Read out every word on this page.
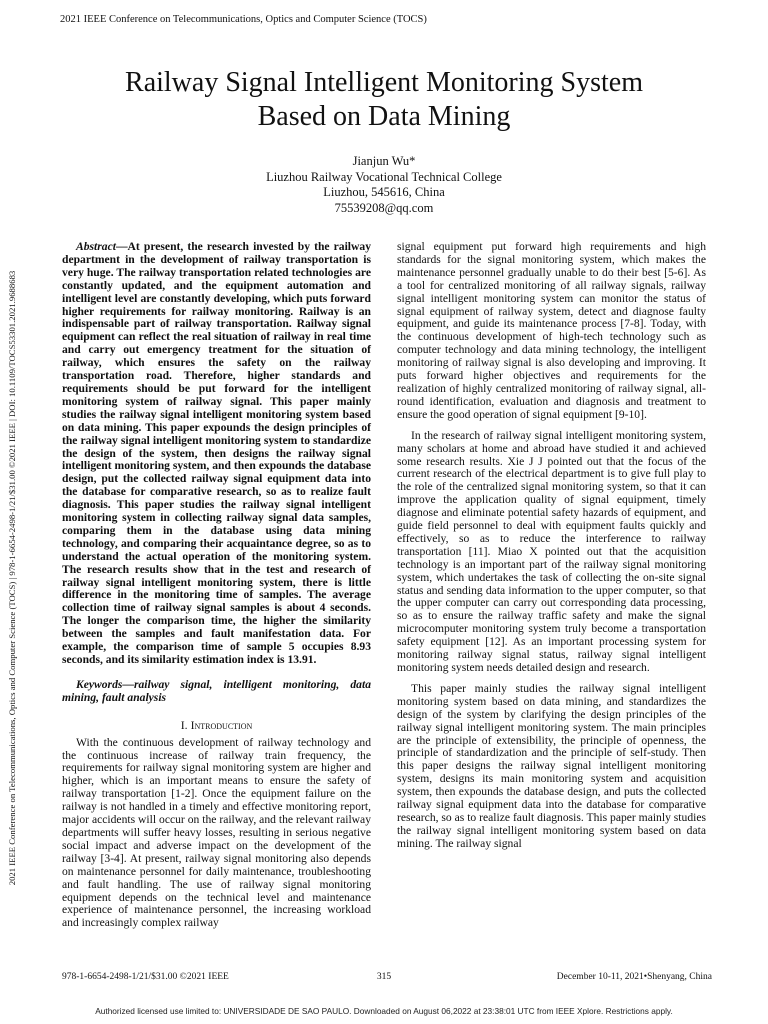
2021 IEEE Conference on Telecommunications, Optics and Computer Science (TOCS)
Railway Signal Intelligent Monitoring System
Based on Data Mining
Jianjun Wu*
Liuzhou Railway Vocational Technical College
Liuzhou, 545616, China
75539208@qq.com
2021 IEEE Conference on Telecommunications, Optics and Computer Science (TOCS) | 978-1-6654-2498-1/21/$31.00 ©2021 IEEE | DOI: 10.1109/TOCS53301.2021.9688683

Abstract—At present, the research invested by the railway department in the development of railway transportation is very huge. The railway transportation related technologies are constantly updated, and the equipment automation and intelligent level are constantly developing, which puts forward higher requirements for railway monitoring. Railway is an indispensable part of railway transportation. Railway signal equipment can reflect the real situation of railway in real time and carry out emergency treatment for the situation of railway, which ensures the safety on the railway transportation road. Therefore, higher standards and requirements should be put forward for the intelligent monitoring system of railway signal. This paper mainly studies the railway signal intelligent monitoring system based on data mining. This paper expounds the design principles of the railway signal intelligent monitoring system to standardize the design of the system, then designs the railway signal intelligent monitoring system, and then expounds the database design, put the collected railway signal equipment data into the database for comparative research, so as to realize fault diagnosis. This paper studies the railway signal intelligent monitoring system in collecting railway signal data samples, comparing them in the database using data mining technology, and comparing their acquaintance degree, so as to understand the actual operation of the monitoring system. The research results show that in the test and research of railway signal intelligent monitoring system, there is little difference in the monitoring time of samples. The average collection time of railway signal samples is about 4 seconds. The longer the comparison time, the higher the similarity between the samples and fault manifestation data. For example, the comparison time of sample 5 occupies 8.93 seconds, and its similarity estimation index is 13.91.

Keywords—railway signal, intelligent monitoring, data mining, fault analysis

I. Introduction

With the continuous development of railway technology and the continuous increase of railway train frequency, the requirements for railway signal monitoring system are higher and higher, which is an important means to ensure the safety of railway transportation [1-2]. Once the equipment failure on the railway is not handled in a timely and effective monitoring report, major accidents will occur on the railway, and the relevant railway departments will suffer heavy losses, resulting in serious negative social impact and adverse impact on the development of the railway [3-4]. At present, railway signal monitoring also depends on maintenance personnel for daily maintenance, troubleshooting and fault handling. The use of railway signal monitoring equipment depends on the technical level and maintenance experience of maintenance personnel, the increasing workload and increasingly complex railway

signal equipment put forward high requirements and high standards for the signal monitoring system, which makes the maintenance personnel gradually unable to do their best [5-6]. As a tool for centralized monitoring of all railway signals, railway signal intelligent monitoring system can monitor the status of signal equipment of railway system, detect and diagnose faulty equipment, and guide its maintenance process [7-8]. Today, with the continuous development of high-tech technology such as computer technology and data mining technology, the intelligent monitoring of railway signal is also developing and improving. It puts forward higher objectives and requirements for the realization of highly centralized monitoring of railway signal, all-round identification, evaluation and diagnosis and treatment to ensure the good operation of signal equipment [9-10].

In the research of railway signal intelligent monitoring system, many scholars at home and abroad have studied it and achieved some research results. Xie J J pointed out that the focus of the current research of the electrical department is to give full play to the role of the centralized signal monitoring system, so that it can improve the application quality of signal equipment, timely diagnose and eliminate potential safety hazards of equipment, and guide field personnel to deal with equipment faults quickly and effectively, so as to reduce the interference to railway transportation [11]. Miao X pointed out that the acquisition technology is an important part of the railway signal monitoring system, which undertakes the task of collecting the on-site signal status and sending data information to the upper computer, so that the upper computer can carry out corresponding data processing, so as to ensure the railway traffic safety and make the signal microcomputer monitoring system truly become a transportation safety equipment [12]. As an important processing system for monitoring railway signal status, railway signal intelligent monitoring system needs detailed design and research.

This paper mainly studies the railway signal intelligent monitoring system based on data mining, and standardizes the design of the system by clarifying the design principles of the railway signal intelligent monitoring system. The main principles are the principle of extensibility, the principle of openness, the principle of standardization and the principle of self-study. Then this paper designs the railway signal intelligent monitoring system, designs its main monitoring system and acquisition system, then expounds the database design, and puts the collected railway signal equipment data into the database for comparative research, so as to realize fault diagnosis. This paper mainly studies the railway signal intelligent monitoring system based on data mining. The railway signal

978-1-6654-2498-1/21/$31.00 ©2021 IEEE	315	December 10-11, 2021•Shenyang, China
Authorized licensed use limited to: UNIVERSIDADE DE SAO PAULO. Downloaded on August 06,2022 at 23:38:01 UTC from IEEE Xplore. Restrictions apply.
